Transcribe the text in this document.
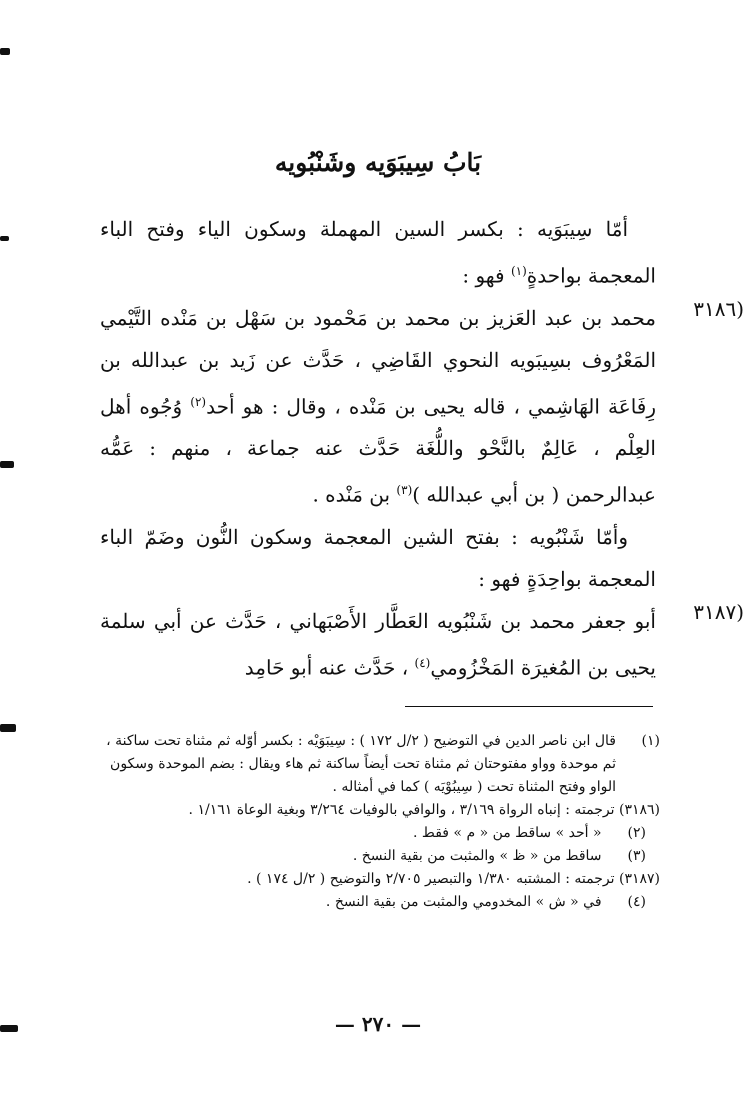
بَابُ سِيبَوَيه وشَنْبُويه

أمّا سِيبَوَيه : بكسر السين المهملة وسكون الياء وفتح الباء المعجمة بواحدةٍ$^{(١)}$ فهو :

(٣١٨٦

محمد بن عبد العَزيز بن محمد بن مَحْمود بن سَهْل بن مَنْده التَّيْمي المَعْرُوف بسِيبَويه النحوي القَاضِي ، حَدَّث عن زَيد بن عبدالله بن رِفَاعَة الهَاشِمي ، قاله يحيى بن مَنْده ، وقال : هو أحد$^{(٢)}$ وُجُوه أهل العِلْم ، عَالِمٌ بالنَّحْو واللُّغَة حَدَّث عنه جماعة ، منهم : عَمُّه عبدالرحمن ( بن أبي عبدالله )$^{(٣)}$ بن مَنْده .

وأمّا شَنْبُويه : بفتح الشين المعجمة وسكون النُّون وضَمّ الباء المعجمة بواحِدَةٍ فهو :

(٣١٨٧

أبو جعفر محمد بن شَنْبُويه العَطَّار الأَصْبَهاني ، حَدَّث عن أبي سلمة يحيى بن المُغيرَة المَخْزُومي$^{(٤)}$ ، حَدَّث عنه أبو حَامِد

(١)
قال ابن ناصر الدين في التوضيح ( ٢/ل ١٧٢ ) : سِيبَوَيْه : بكسر أوّله ثم مثناة تحت ساكنة ، ثم موحدة وواو مفتوحتان ثم مثناة تحت أيضاً ساكنة ثم هاء ويقال : بضم الموحدة وسكون الواو وفتح المثناة تحت ( سِيبُوْيَه ) كما في أمثاله .

(٣١٨٦) ترجمته : إنباه الرواة ٣/١٦٩ ، والوافي بالوفيات ٣/٢٦٤ وبغية الوعاة ١/١٦١ .

(٢) « أحد » ساقط من « م » فقط .

(٣) ساقط من « ظ » والمثبت من بقية النسخ .

(٣١٨٧) ترجمته : المشتبه ١/٣٨٠ والتبصير ٢/٧٠٥ والتوضيح ( ٢/ل ١٧٤ ) .

(٤) في « ش » المخدومي والمثبت من بقية النسخ .

— ٢٧٠ —
